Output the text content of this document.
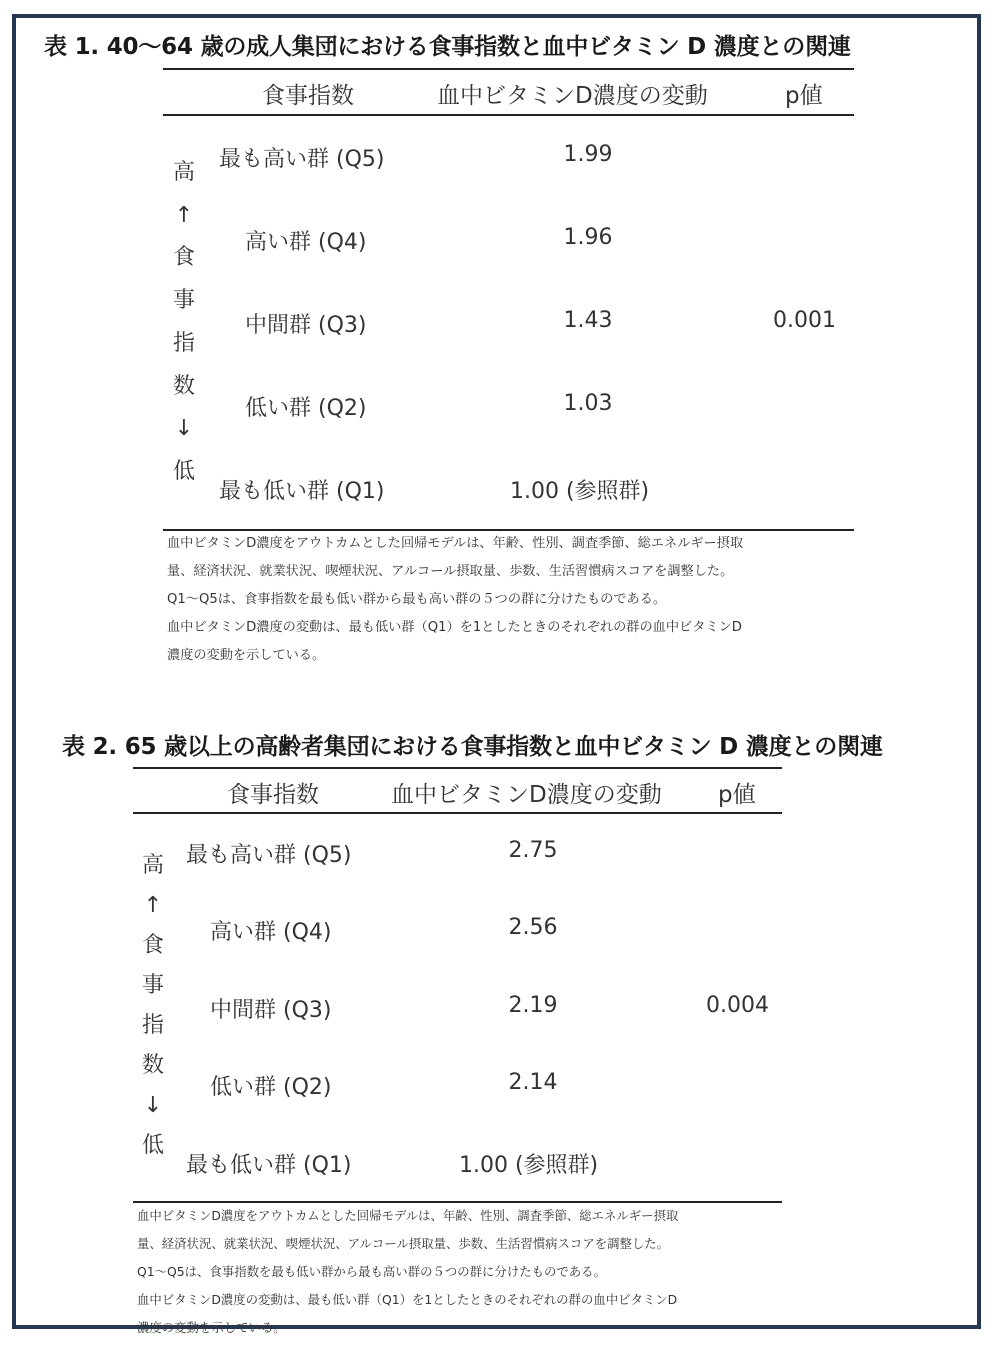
表 1. 40〜64 歳の成人集団における食事指数と血中ビタミン D 濃度との関連
食事指数	血中ビタミンD濃度の変動	p値
高
↑
食
事
指
数
↓
低
最も高い群 (Q5)	1.99
高い群 (Q4)	1.96
中間群 (Q3)	1.43	0.001
低い群 (Q2)	1.03
最も低い群 (Q1)	1.00 (参照群)
血中ビタミンD濃度をアウトカムとした回帰モデルは、年齢、性別、調査季節、総エネルギー摂取
量、経済状況、就業状況、喫煙状況、アルコール摂取量、歩数、生活習慣病スコアを調整した。
Q1〜Q5は、食事指数を最も低い群から最も高い群の５つの群に分けたものである。
血中ビタミンD濃度の変動は、最も低い群（Q1）を1としたときのそれぞれの群の血中ビタミンD
濃度の変動を示している。
表 2. 65 歳以上の高齢者集団における食事指数と血中ビタミン D 濃度との関連
食事指数	血中ビタミンD濃度の変動 p値
高
↑
食
事
指
数
↓
低
最も高い群 (Q5)	2.75
高い群 (Q4)	2.56
中間群 (Q3)	2.19	0.004
低い群 (Q2)	2.14
最も低い群 (Q1)	1.00 (参照群)
血中ビタミンD濃度をアウトカムとした回帰モデルは、年齢、性別、調査季節、総エネルギー摂取
量、経済状況、就業状況、喫煙状況、アルコール摂取量、歩数、生活習慣病スコアを調整した。
Q1〜Q5は、食事指数を最も低い群から最も高い群の５つの群に分けたものである。
血中ビタミンD濃度の変動は、最も低い群（Q1）を1としたときのそれぞれの群の血中ビタミンD
濃度の変動を示している。
